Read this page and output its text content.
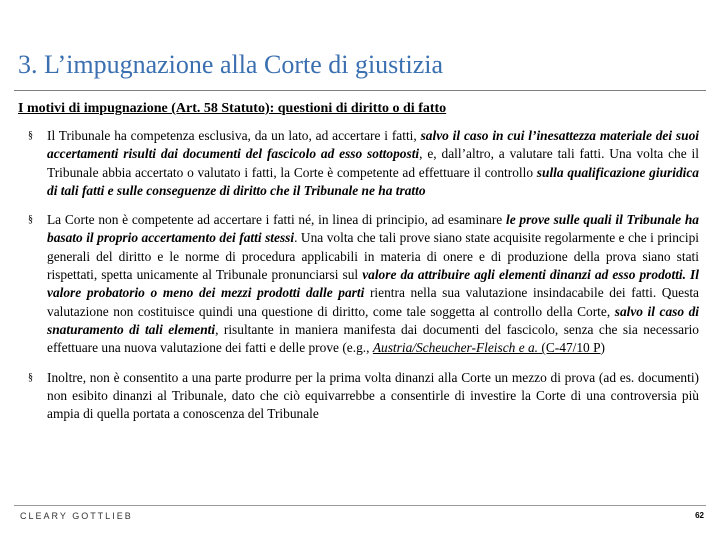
3. L’impugnazione alla Corte di giustizia
I motivi di impugnazione (Art. 58 Statuto): questioni di diritto o di fatto
§ Il Tribunale ha competenza esclusiva, da un lato, ad accertare i fatti, salvo il caso in cui l’inesattezza materiale dei suoi accertamenti risulti dai documenti del fascicolo ad esso sottoposti, e, dall’altro, a valutare tali fatti. Una volta che il Tribunale abbia accertato o valutato i fatti, la Corte è competente ad effettuare il controllo sulla qualificazione giuridica di tali fatti e sulle conseguenze di diritto che il Tribunale ne ha tratto
§ La Corte non è competente ad accertare i fatti né, in linea di principio, ad esaminare le prove sulle quali il Tribunale ha basato il proprio accertamento dei fatti stessi. Una volta che tali prove siano state acquisite regolarmente e che i principi generali del diritto e le norme di procedura applicabili in materia di onere e di produzione della prova siano stati rispettati, spetta unicamente al Tribunale pronunciarsi sul valore da attribuire agli elementi dinanzi ad esso prodotti. Il valore probatorio o meno dei mezzi prodotti dalle parti rientra nella sua valutazione insindacabile dei fatti. Questa valutazione non costituisce quindi una questione di diritto, come tale soggetta al controllo della Corte, salvo il caso di snaturamento di tali elementi, risultante in maniera manifesta dai documenti del fascicolo, senza che sia necessario effettuare una nuova valutazione dei fatti e delle prove (e.g., Austria/Scheucher-Fleisch e a. (C-47/10 P)
§ Inoltre, non è consentito a una parte produrre per la prima volta dinanzi alla Corte un mezzo di prova (ad es. documenti) non esibito dinanzi al Tribunale, dato che ciò equivarrebbe a consentirle di investire la Corte di una controversia più ampia di quella portata a conoscenza del Tribunale
CLEARY GOTTLIEB	62
